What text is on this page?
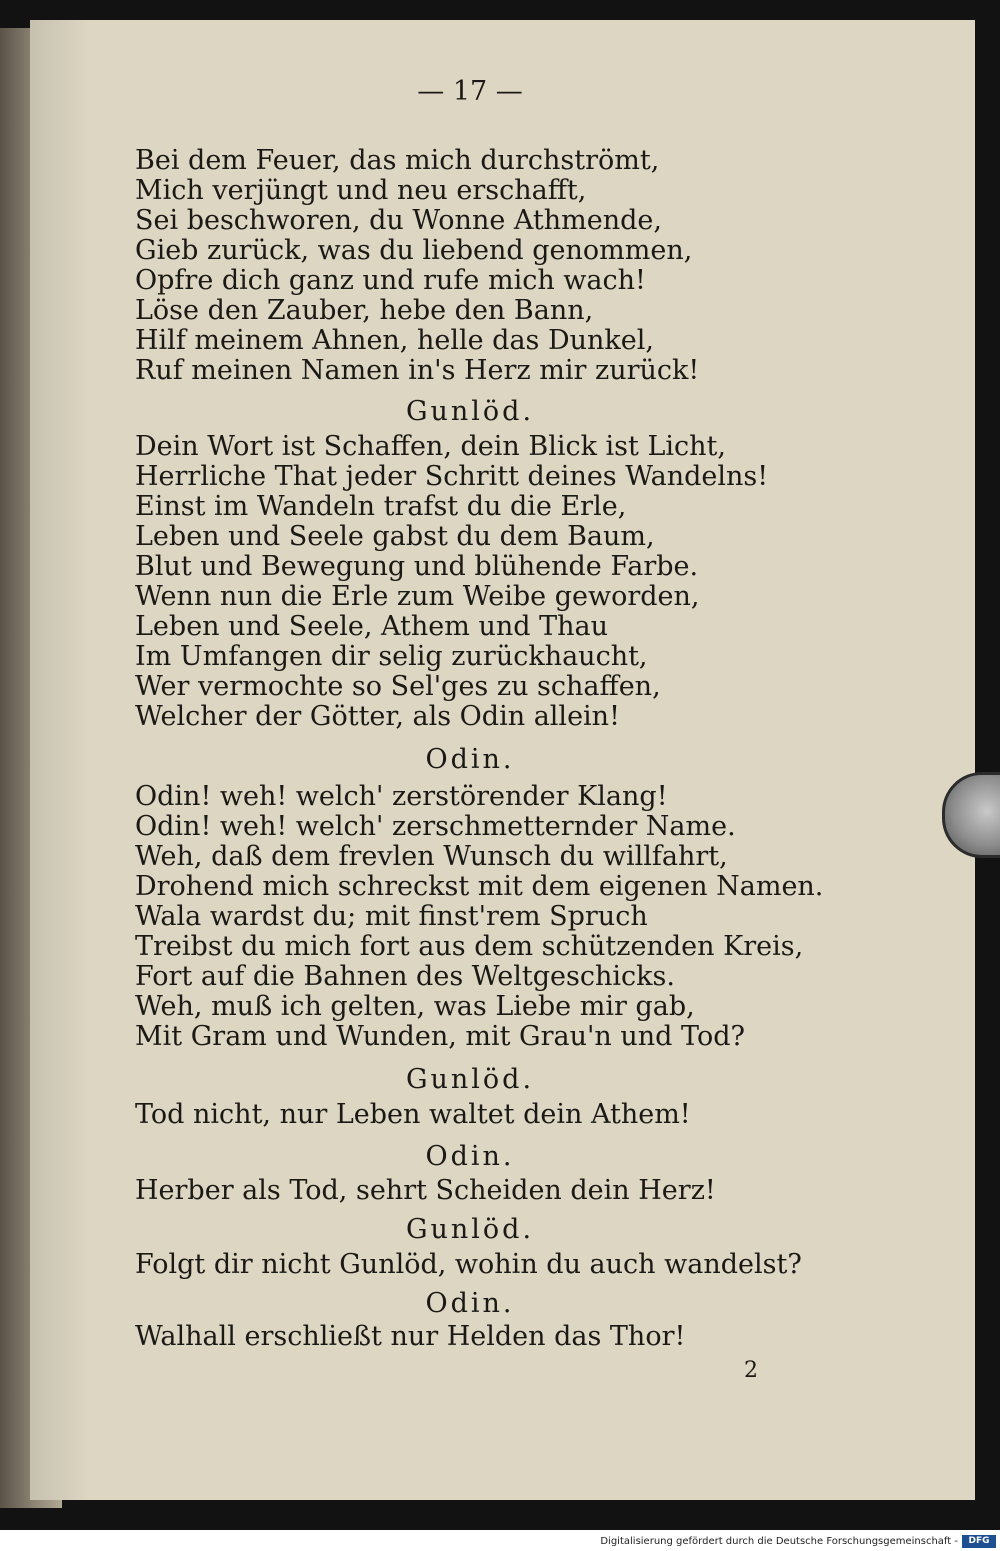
— 17 —
Bei dem Feuer, das mich durchströmt,
Mich verjüngt und neu erschafft,
Sei beschworen, du Wonne Athmende,
Gieb zurück, was du liebend genommen,
Opfre dich ganz und rufe mich wach!
Löse den Zauber, hebe den Bann,
Hilf meinem Ahnen, helle das Dunkel,
Ruf meinen Namen in's Herz mir zurück!
Gunlöd.
Dein Wort ist Schaffen, dein Blick ist Licht,
Herrliche That jeder Schritt deines Wandelns!
Einst im Wandeln trafst du die Erle,
Leben und Seele gabst du dem Baum,
Blut und Bewegung und blühende Farbe.
Wenn nun die Erle zum Weibe geworden,
Leben und Seele, Athem und Thau
Im Umfangen dir selig zurückhaucht,
Wer vermochte so Sel'ges zu schaffen,
Welcher der Götter, als Odin allein!
Odin.
Odin! weh! welch' zerstörender Klang!
Odin! weh! welch' zerschmetternder Name.
Weh, daß dem frevlen Wunsch du willfahrt,
Drohend mich schreckst mit dem eigenen Namen.
Wala wardst du; mit finst'rem Spruch
Treibst du mich fort aus dem schützenden Kreis,
Fort auf die Bahnen des Weltgeschicks.
Weh, muß ich gelten, was Liebe mir gab,
Mit Gram und Wunden, mit Grau'n und Tod?
Gunlöd.
Tod nicht, nur Leben waltet dein Athem!
Odin.
Herber als Tod, sehrt Scheiden dein Herz!
Gunlöd.
Folgt dir nicht Gunlöd, wohin du auch wandelst?
Odin.
Walhall erschließt nur Helden das Thor!
2
Digitalisierung gefördert durch die Deutsche Forschungsgemeinschaft -	DFG
